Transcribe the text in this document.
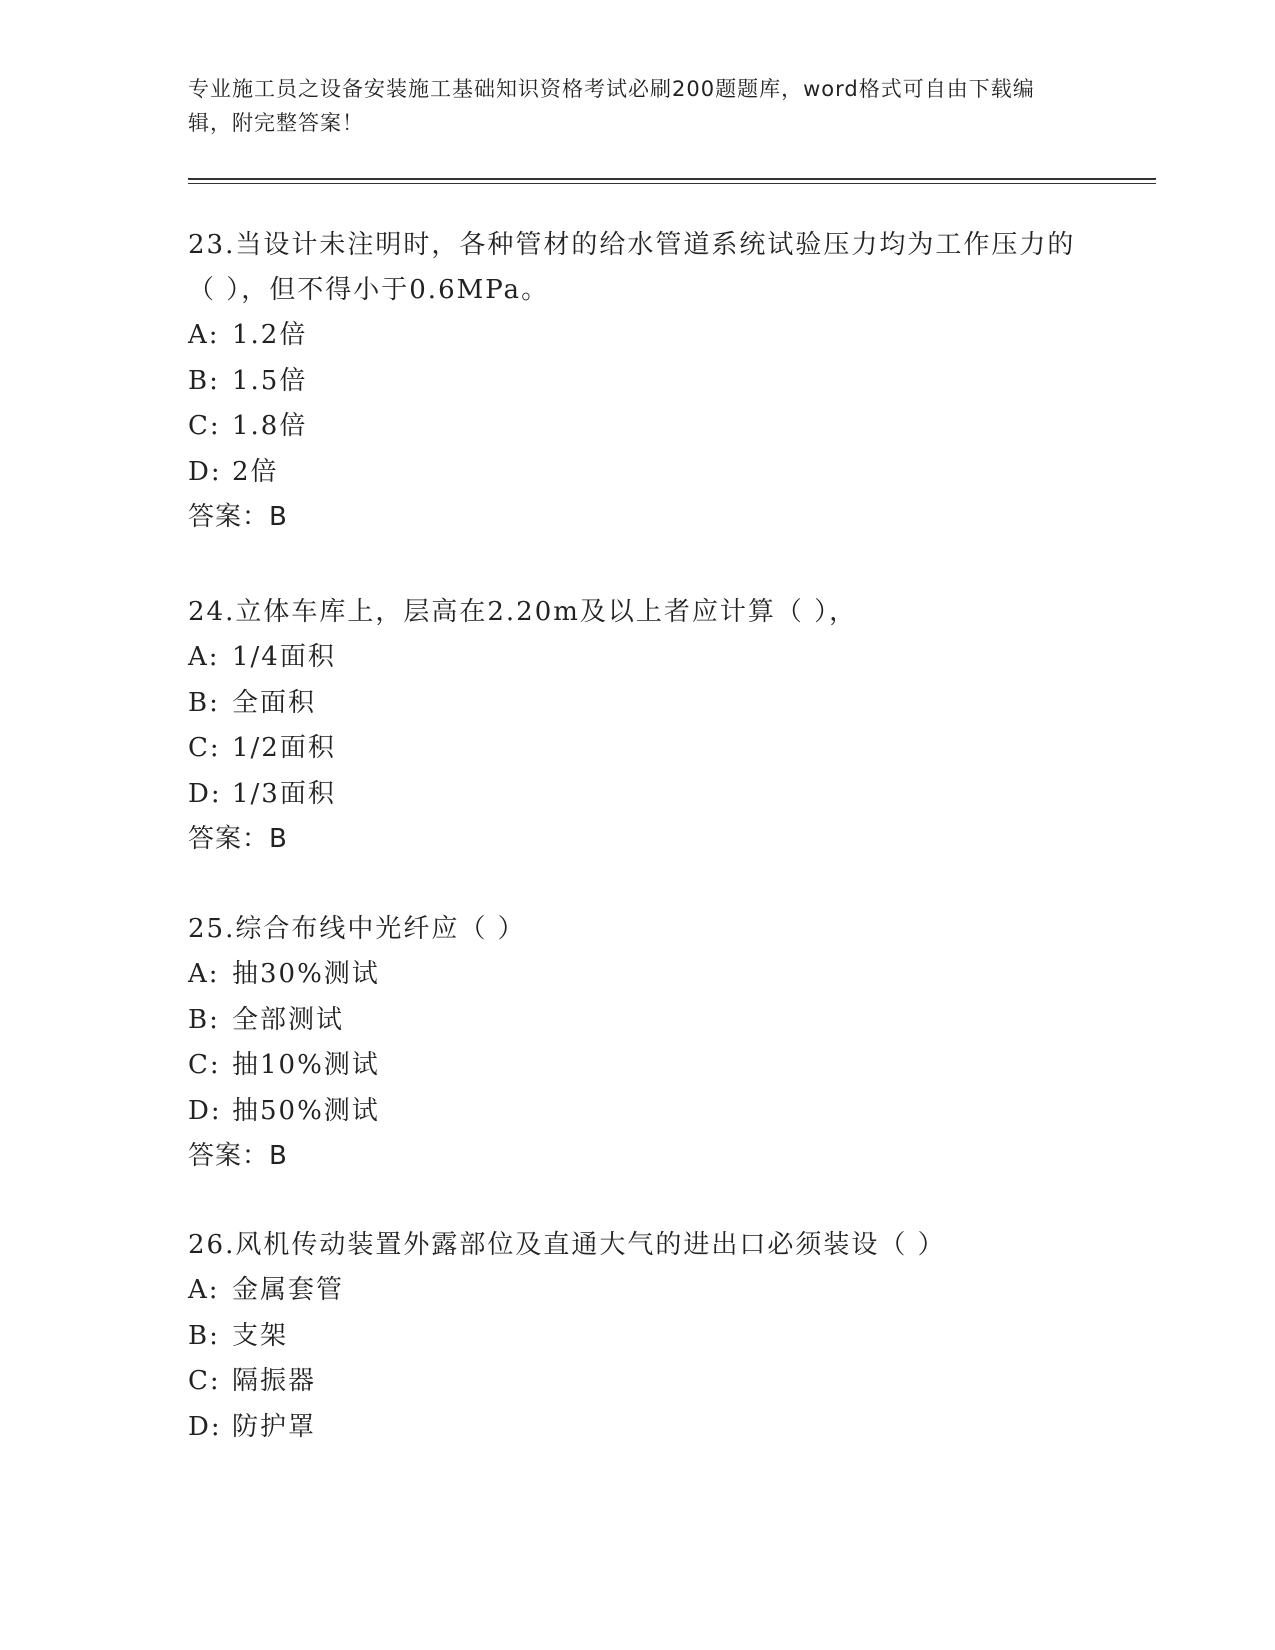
专业施工员之设备安装施工基础知识资格考试必刷200题题库，word格式可自由下载编辑，附完整答案！

23.当设计未注明时，各种管材的给水管道系统试验压力均为工作压力的（ ），但不得小于0.6MPa。

A: 1.2倍

B: 1.5倍

C: 1.8倍

D: 2倍

答案：B

24.立体车库上，层高在2.20m及以上者应计算（ ），

A: 1/4面积

B: 全面积

C: 1/2面积

D: 1/3面积

答案：B

25.综合布线中光纤应（ ）

A: 抽30%测试

B: 全部测试

C: 抽10%测试

D: 抽50%测试

答案：B

26.风机传动装置外露部位及直通大气的进出口必须装设（ ）

A: 金属套管

B: 支架

C: 隔振器

D: 防护罩
